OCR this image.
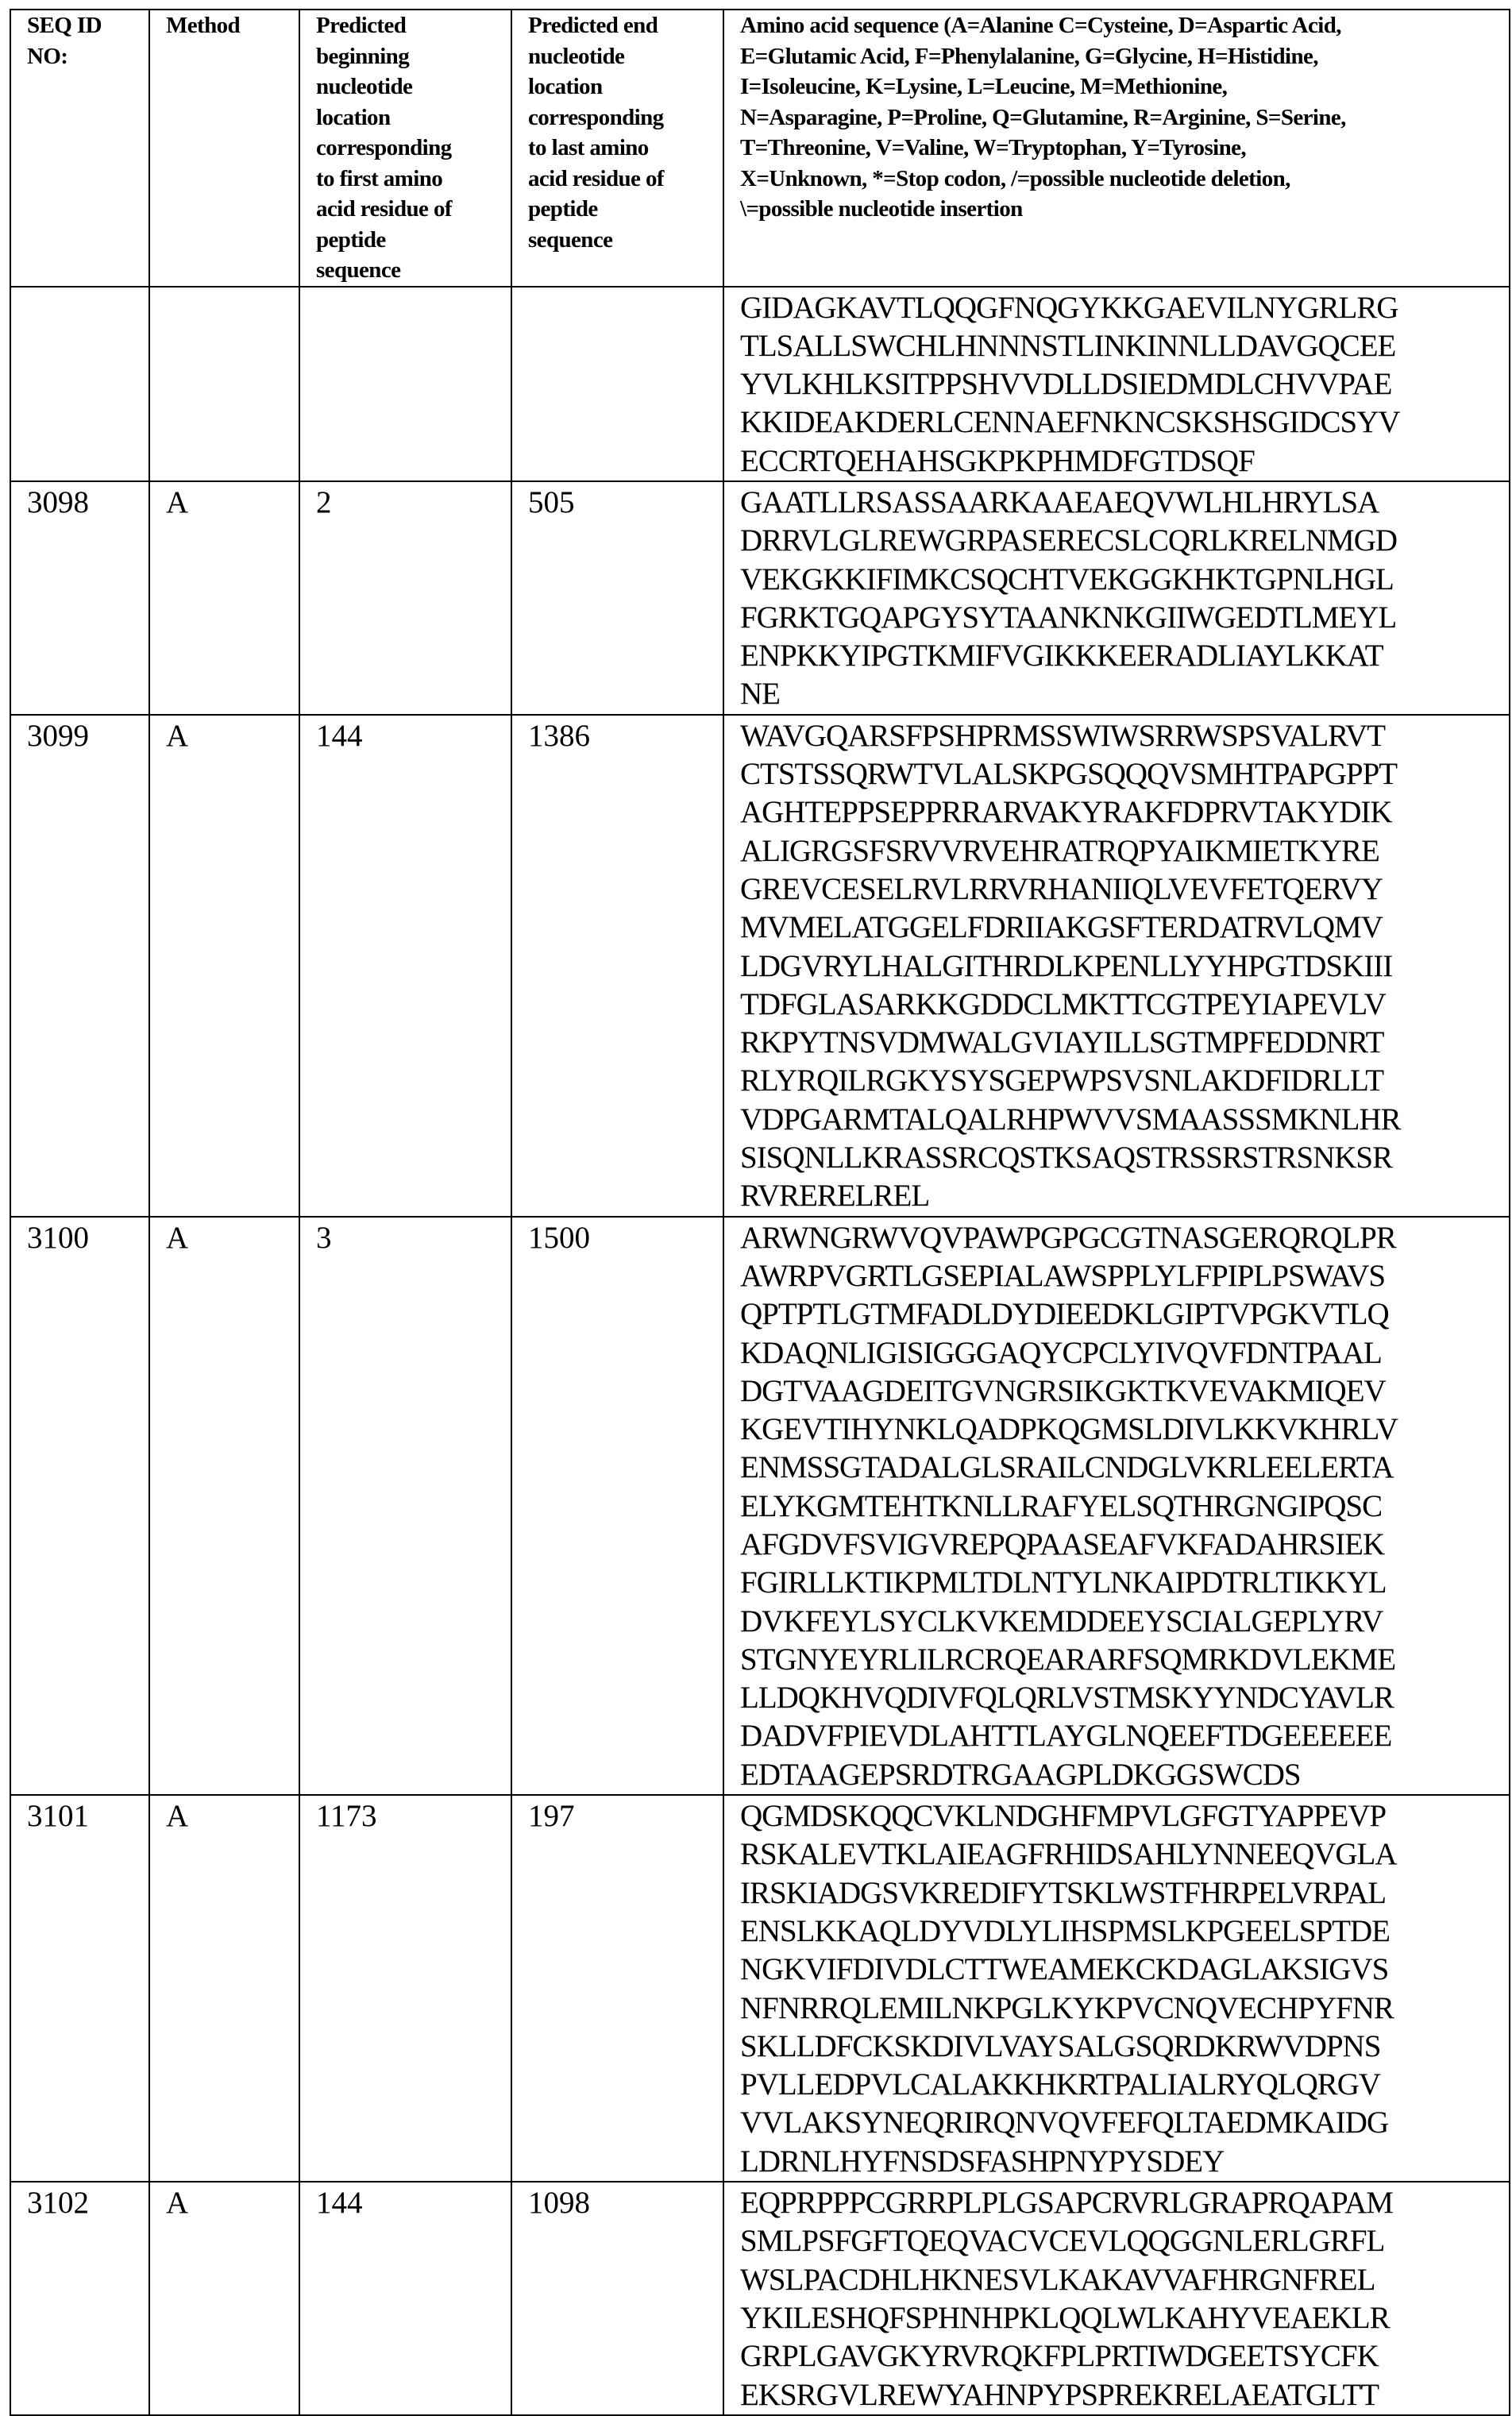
SEQ ID
NO:

Method	Predicted
beginning
nucleotide
location
corresponding
to first amino
acid residue of
peptide
sequence

Predicted end
nucleotide
location
corresponding
to last amino
acid residue of
peptide
sequence

Amino acid sequence (A=Alanine C=Cysteine, D=Aspartic Acid,
E=Glutamic Acid, F=Phenylalanine, G=Glycine, H=Histidine,
I=Isoleucine, K=Lysine, L=Leucine, M=Methionine,
N=Asparagine, P=Proline, Q=Glutamine, R=Arginine, S=Serine,
T=Threonine, V=Valine, W=Tryptophan, Y=Tyrosine,
X=Unknown, *=Stop codon, /=possible nucleotide deletion,
\=possible nucleotide insertion

GIDAGKAVTLQQGFNQGYKKGAEVILNYGRLRG
TLSALLSWCHLHNNNSTLINKINNLLDAVGQCEE
YVLKHLKSITPPSHVVDLLDSIEDMDLCHVVPAE
KKIDEAKDERLCENNAEFNKNCSKSHSGIDCSYV
ECCRTQEHAHSGKPKPHMDFGTDSQF

3098	A	2	505	GAATLLRSASSAARKAAEAEQVWLHLHRYLSA
DRRVLGLREWGRPASERECSLCQRLKRELNMGD
VEKGKKIFIMKCSQCHTVEKGGKHKTGPNLHGL
FGRKTGQAPGYSYTAANKNKGIIWGEDTLMEYL
ENPKKYIPGTKMIFVGIKKKEERADLIAYLKKAT
NE

3099	A	144	1386	WAVGQARSFPSHPRMSSWIWSRRWSPSVALRVT
CTSTSSQRWTVLALSKPGSQQQVSMHTPAPGPPT
AGHTEPPSEPPRRARVAKYRAKFDPRVTAKYDIK
ALIGRGSFSRVVRVEHRATRQPYAIKMIETKYRE
GREVCESELRVLRRVRHANIIQLVEVFETQERVY
MVMELATGGELFDRIIAKGSFTERDATRVLQMV
LDGVRYLHALGITHRDLKPENLLYYHPGTDSKIII
TDFGLASARKKGDDCLMKTTCGTPEYIAPEVLV
RKPYTNSVDMWALGVIAYILLSGTMPFEDDNRT
RLYRQILRGKYSYSGEPWPSVSNLAKDFIDRLLT
VDPGARMTALQALRHPWVVSMAASSSMKNLHR
SISQNLLKRASSRCQSTKSAQSTRSSRSTRSNKSR
RVRERELREL

3100	A	3	1500	ARWNGRWVQVPAWPGPGCGTNASGERQRQLPR
AWRPVGRTLGSEPIALAWSPPLYLFPIPLPSWAVS
QPTPTLGTMFADLDYDIEEDKLGIPTVPGKVTLQ
KDAQNLIGISIGGGAQYCPCLYIVQVFDNTPAAL
DGTVAAGDEITGVNGRSIKGKTKVEVAKMIQEV
KGEVTIHYNKLQADPKQGMSLDIVLKKVKHRLV
ENMSSGTADALGLSRAILCNDGLVKRLEELERTA
ELYKGMTEHTKNLLRAFYELSQTHRGNGIPQSC
AFGDVFSVIGVREPQPAASEAFVKFADAHRSIEK
FGIRLLKTIKPMLTDLNTYLNKAIPDTRLTIKKYL
DVKFEYLSYCLKVKEMDDEEYSCIALGEPLYRV
STGNYEYRLILRCRQEARARFSQMRKDVLEKME
LLDQKHVQDIVFQLQRLVSTMSKYYNDCYAVLR
DADVFPIEVDLAHTTLAYGLNQEEFTDGEEEEEE
EDTAAGEPSRDTRGAAGPLDKGGSWCDS

3101	A	1173	197	QGMDSKQQCVKLNDGHFMPVLGFGTYAPPEVP
RSKALEVTKLAIEAGFRHIDSAHLYNNEEQVGLA
IRSKIADGSVKREDIFYTSKLWSTFHRPELVRPAL
ENSLKKAQLDYVDLYLIHSPMSLKPGEELSPTDE
NGKVIFDIVDLCTTWEAMEKCKDAGLAKSIGVS
NFNRRQLEMILNKPGLKYKPVCNQVECHPYFNR
SKLLDFCKSKDIVLVAYSALGSQRDKRWVDPNS
PVLLEDPVLCALAKKHKRTPALIALRYQLQRGV
VVLAKSYNEQRIRQNVQVFEFQLTAEDMKAIDG
LDRNLHYFNSDSFASHPNYPYSDEY

3102	A	144	1098	EQPRPPPCGRRPLPLGSAPCRVRLGRAPRQAPAM
SMLPSFGFTQEQVACVCEVLQQGGNLERLGRFL
WSLPACDHLHKNESVLKAKAVVAFHRGNFREL
YKILESHQFSPHNHPKLQQLWLKAHYVEAEKLR
GRPLGAVGKYRVRQKFPLPRTIWDGEETSYCFK
EKSRGVLREWYAHNPYPSPREKRELAEATGLTT
